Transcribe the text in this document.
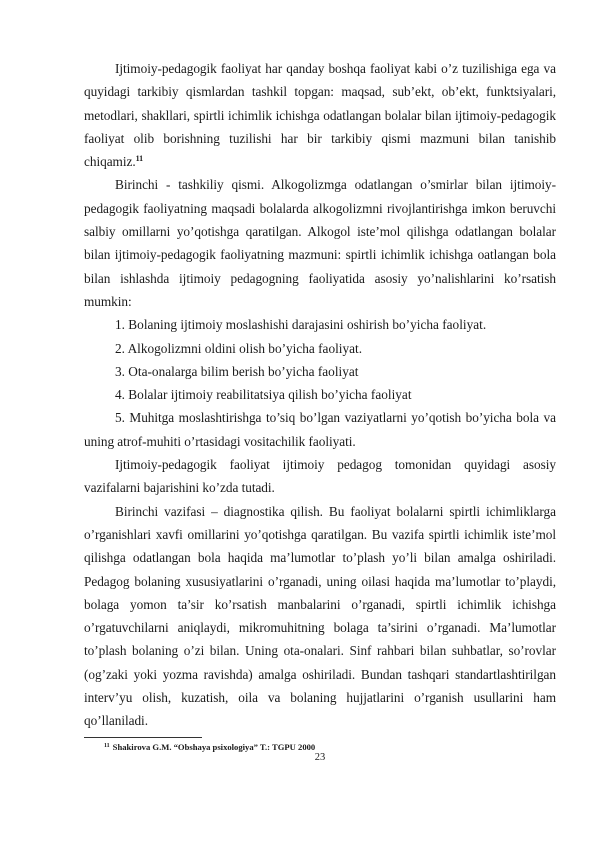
Ijtimoiy-pedagogik faoliyat har qanday boshqa faoliyat kabi o’z tuzilishiga ega va quyidagi tarkibiy qismlardan tashkil topgan: maqsad, sub’ekt, ob’ekt, funktsiyalari, metodlari, shakllari, spirtli ichimlik ichishga odatlangan bolalar bilan ijtimoiy-pedagogik faoliyat olib borishning tuzilishi har bir tarkibiy qismi mazmuni bilan tanishib chiqamiz.$^{11}$

Birinchi - tashkiliy qismi. Alkogolizmga odatlangan o’smirlar bilan ijtimoiy-pedagogik faoliyatning maqsadi bolalarda alkogolizmni rivojlantirishga imkon beruvchi salbiy omillarni yo’qotishga qaratilgan. Alkogol iste’mol qilishga odatlangan bolalar bilan ijtimoiy-pedagogik faoliyatning mazmuni: spirtli ichimlik ichishga oatlangan bola bilan ishlashda ijtimoiy pedagogning faoliyatida asosiy yo’nalishlarini ko’rsatish mumkin:

1. Bolaning ijtimoiy moslashishi darajasini oshirish bo’yicha faoliyat.

2. Alkogolizmni oldini olish bo’yicha faoliyat.

3. Ota-onalarga bilim berish bo’yicha faoliyat

4. Bolalar ijtimoiy reabilitatsiya qilish bo’yicha faoliyat

5. Muhitga moslashtirishga to’siq bo’lgan vaziyatlarni yo’qotish bo’yicha bola va uning atrof-muhiti o’rtasidagi vositachilik faoliyati.

Ijtimoiy-pedagogik faoliyat ijtimoiy pedagog tomonidan quyidagi asosiy vazifalarni bajarishini ko’zda tutadi.

Birinchi vazifasi – diagnostika qilish. Bu faoliyat bolalarni spirtli ichimliklarga o’rganishlari xavfi omillarini yo’qotishga qaratilgan. Bu vazifa spirtli ichimlik iste’mol qilishga odatlangan bola haqida ma’lumotlar to’plash yo’li bilan amalga oshiriladi. Pedagog bolaning xususiyatlarini o’rganadi, uning oilasi haqida ma’lumotlar to’playdi, bolaga yomon ta’sir ko’rsatish manbalarini o’rganadi, spirtli ichimlik ichishga o’rgatuvchilarni aniqlaydi, mikromuhitning bolaga ta’sirini o’rganadi. Ma’lumotlar to’plash bolaning o’zi bilan. Uning ota-onalari. Sinf rahbari bilan suhbatlar, so’rovlar (og’zaki yoki yozma ravishda) amalga oshiriladi. Bundan tashqari standartlashtirilgan interv’yu olish, kuzatish, oila va bolaning hujjatlarini o’rganish usullarini ham qo’llaniladi.

$^{11}$ Shakirova G.M. “Obshaya psixologiya” T.: TGPU 2000
23
